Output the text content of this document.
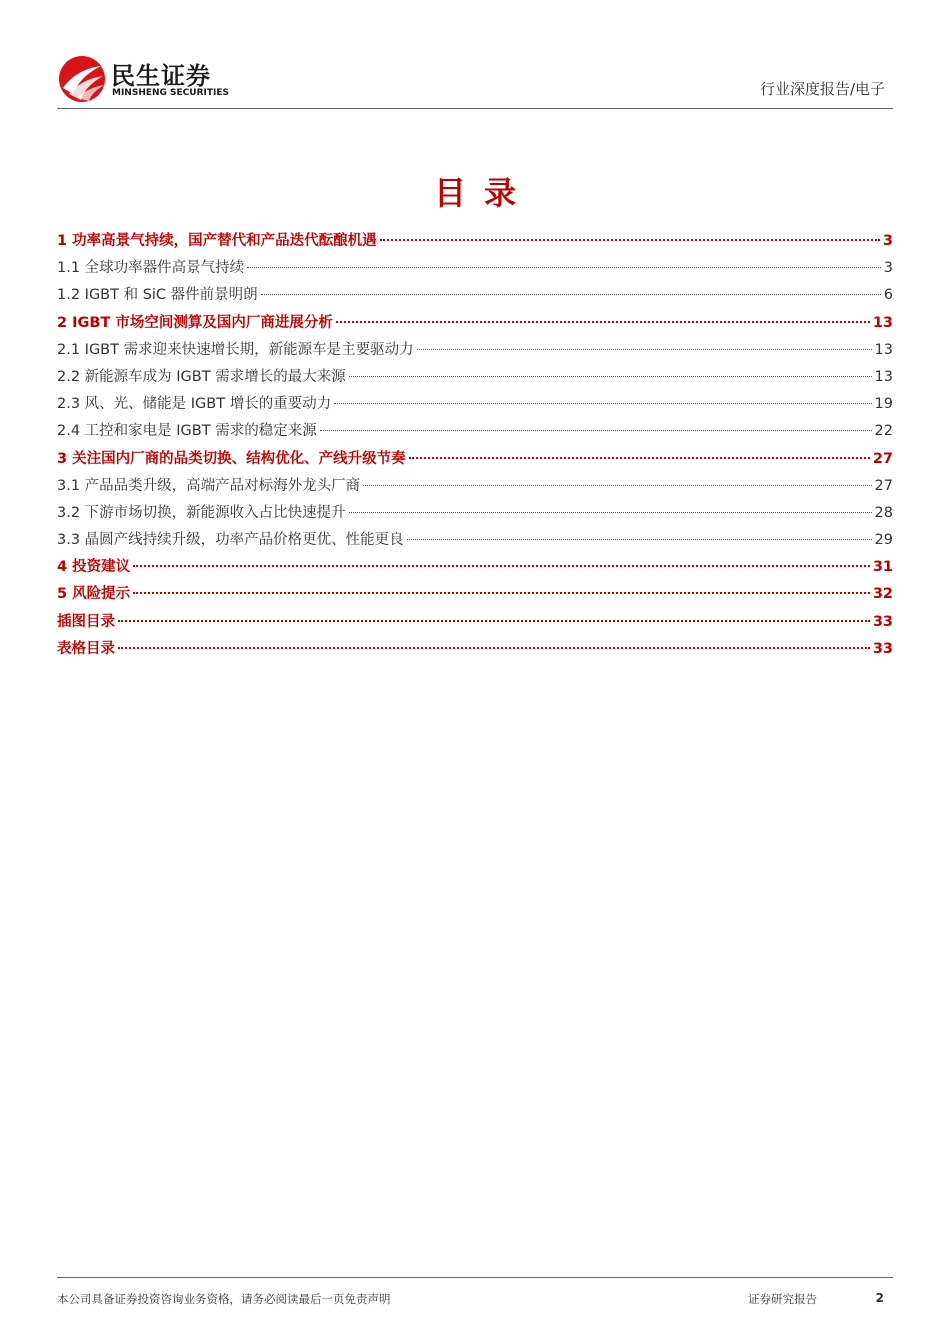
民生证券
MINSHENG SECURITIES	行业深度报告/电子
目录
1 功率高景气持续，国产替代和产品迭代酝酿机遇	3
1.1 全球功率器件高景气持续	3
1.2 IGBT 和 SiC 器件前景明朗	6
2 IGBT 市场空间测算及国内厂商进展分析	13
2.1 IGBT 需求迎来快速增长期，新能源车是主要驱动力	13
2.2 新能源车成为 IGBT 需求增长的最大来源	13
2.3 风、光、储能是 IGBT 增长的重要动力	19
2.4 工控和家电是 IGBT 需求的稳定来源	22
3 关注国内厂商的品类切换、结构优化、产线升级节奏	27
3.1 产品品类升级，高端产品对标海外龙头厂商	27
3.2 下游市场切换，新能源收入占比快速提升	28
3.3 晶圆产线持续升级，功率产品价格更优、性能更良	29
4 投资建议	31
5 风险提示	32
插图目录	33
表格目录	33
本公司具备证券投资咨询业务资格，请务必阅读最后一页免责声明	证券研究报告	2
